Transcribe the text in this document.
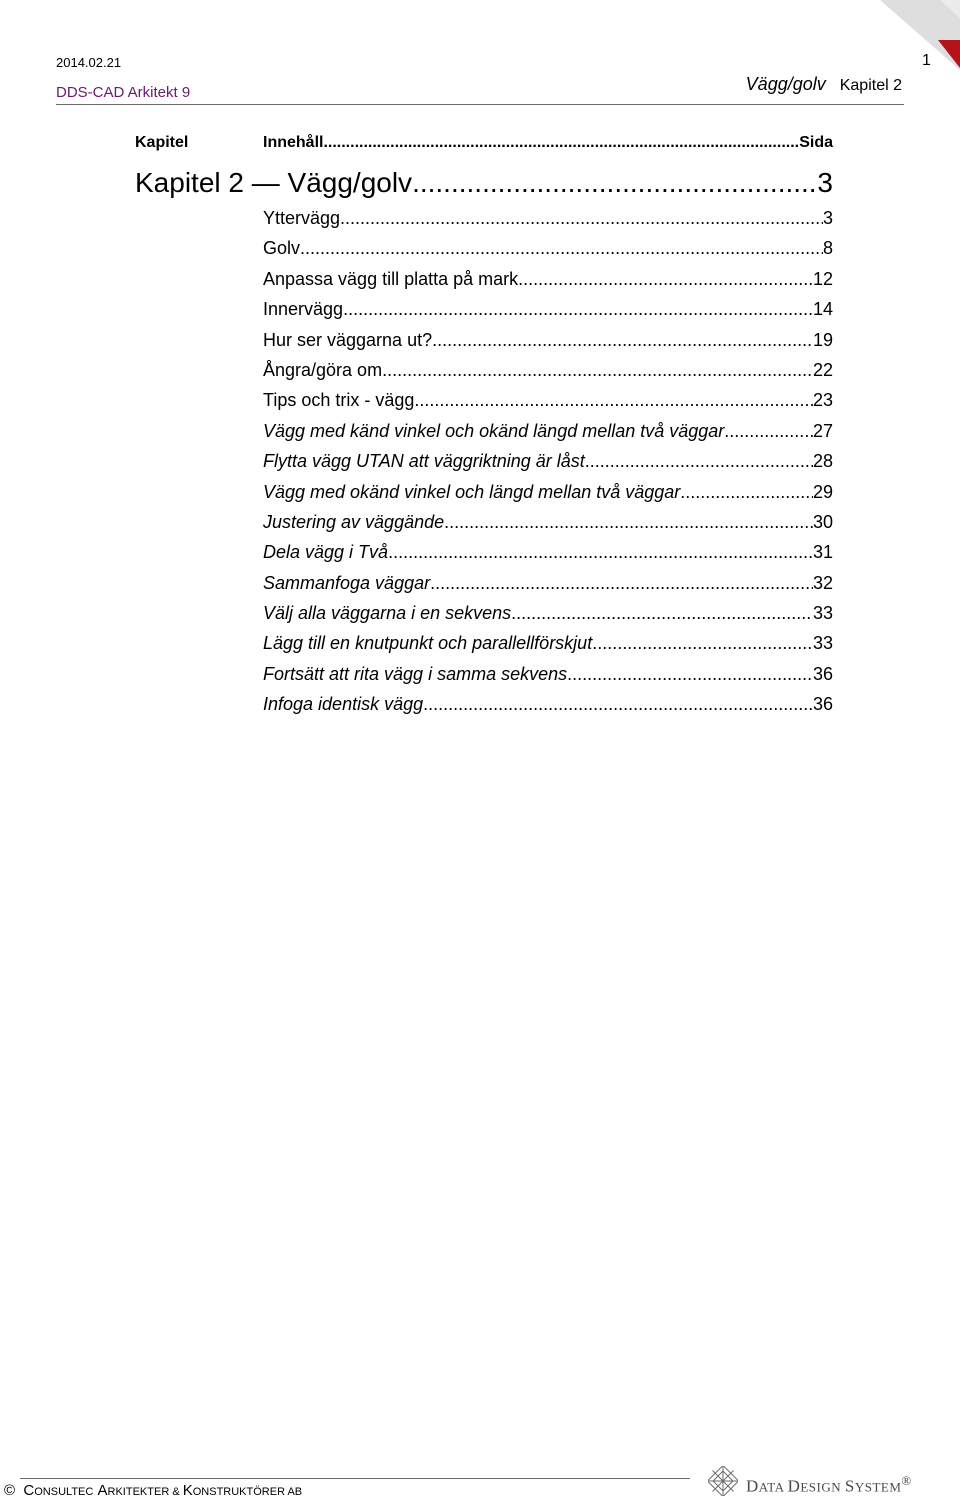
1
2014.02.21
DDS-CAD Arkitekt 9	Vägg/golv Kapitel 2
Kapitel	Innehåll .....	Sida
Kapitel 2 — Vägg/golv .....	3
Yttervägg .....	3
Golv .....	8
Anpassa vägg till platta på mark .....	12
Innervägg .....	14
Hur ser väggarna ut? .....	19
Ångra/göra om .....	22
Tips och trix - vägg .....	23
Vägg med känd vinkel och okänd längd mellan två väggar .....	27
Flytta vägg UTAN att väggriktning är låst .....	28
Vägg med okänd vinkel och längd mellan två väggar .....	29
Justering av väggände .....	30
Dela vägg i Två .....	31
Sammanfoga väggar .....	32
Välj alla väggarna i en sekvens .....	33
Lägg till en knutpunkt och parallellförskjut .....	33
Fortsätt att rita vägg i samma sekvens .....	36
Infoga identisk vägg .....	36
© CONSULTEC ARKITEKTER & KONSTRUKTÖRER AB	DATA DESIGN SYSTEM®
